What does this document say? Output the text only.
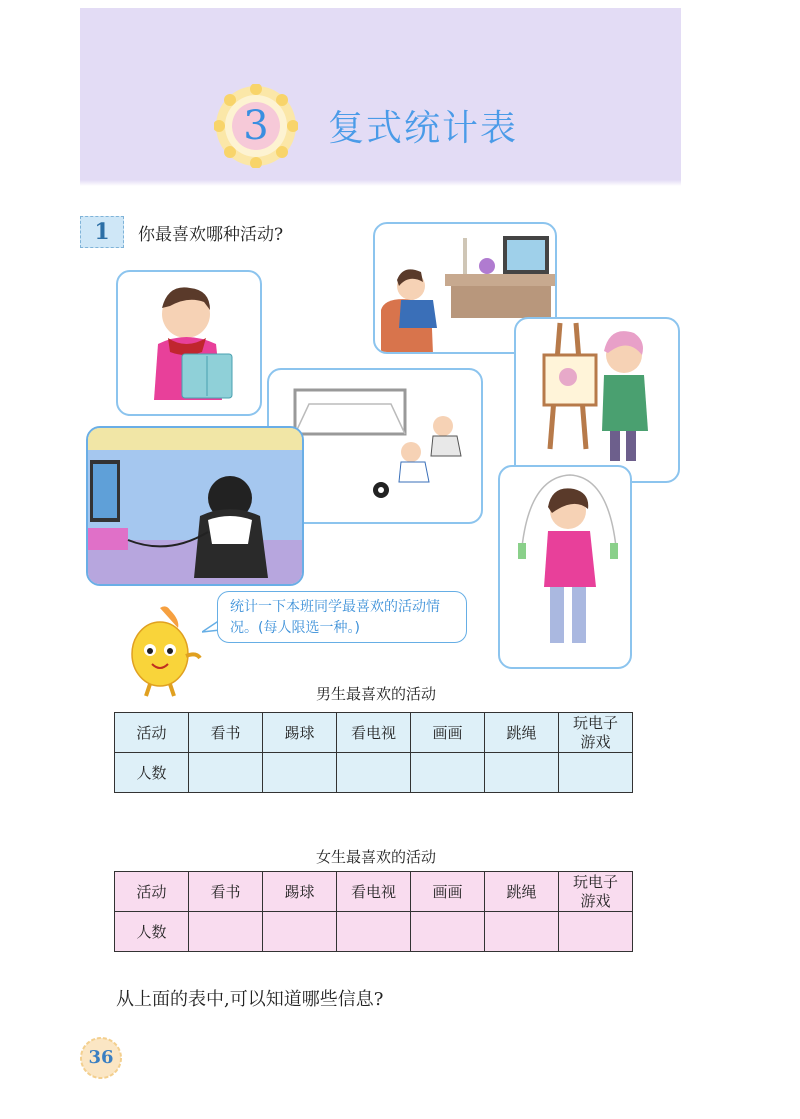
3	复式统计表
1	你最喜欢哪种活动?
统计一下本班同学最喜欢的活动情况。(每人限选一种。)
男生最喜欢的活动
活动	看书	踢球	看电视	画画	跳绳	玩电子游戏
人数						
女生最喜欢的活动
活动	看书	踢球	看电视	画画	跳绳	玩电子游戏
人数						
从上面的表中,可以知道哪些信息?
36
